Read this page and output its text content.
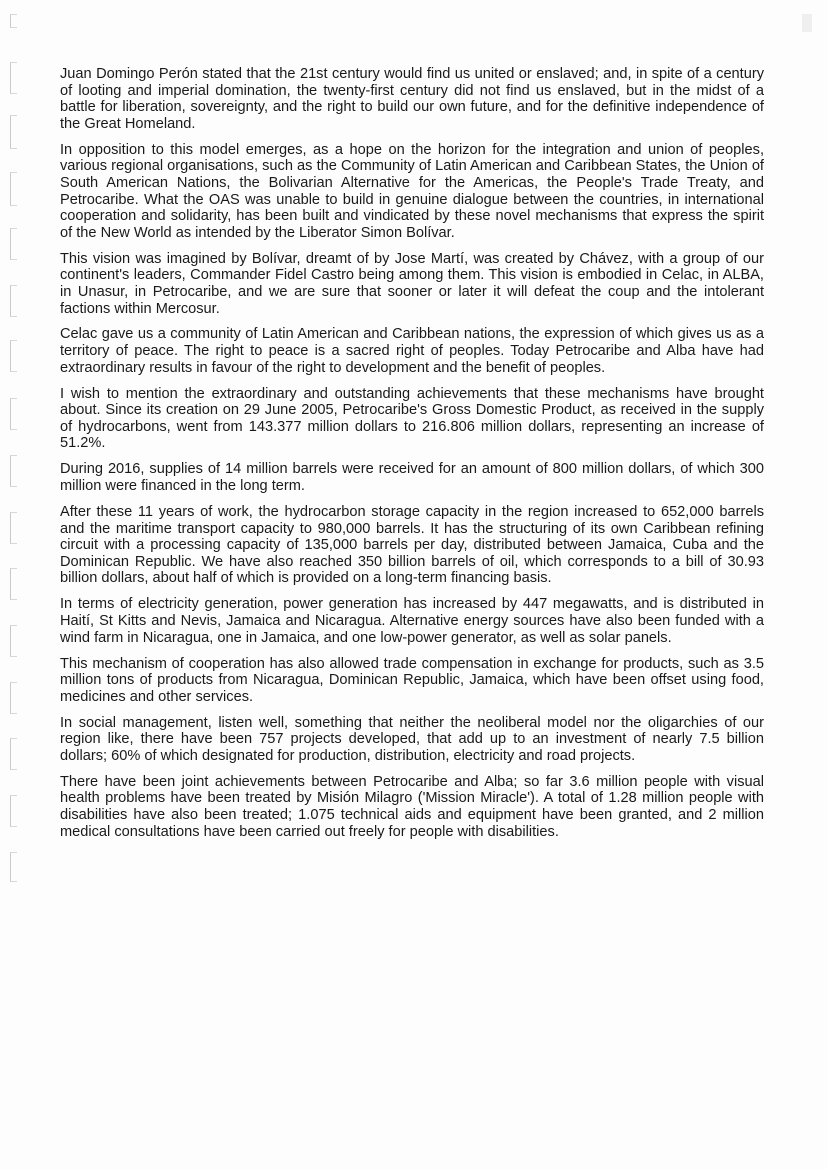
Juan Domingo Perón stated that the 21st century would find us united or enslaved; and, in spite of a century of looting and imperial domination, the twenty-first century did not find us enslaved, but in the midst of a battle for liberation, sovereignty, and the right to build our own future, and for the definitive independence of the Great Homeland.

In opposition to this model emerges, as a hope on the horizon for the integration and union of peoples, various regional organisations, such as the Community of Latin American and Caribbean States, the Union of South American Nations, the Bolivarian Alternative for the Americas, the People's Trade Treaty, and Petrocaribe. What the OAS was unable to build in genuine dialogue between the countries, in international cooperation and solidarity, has been built and vindicated by these novel mechanisms that express the spirit of the New World as intended by the Liberator Simon Bolívar.

This vision was imagined by Bolívar, dreamt of by Jose Martí, was created by Chávez, with a group of our continent's leaders, Commander Fidel Castro being among them. This vision is embodied in Celac, in ALBA, in Unasur, in Petrocaribe, and we are sure that sooner or later it will defeat the coup and the intolerant factions within Mercosur.

Celac gave us a community of Latin American and Caribbean nations, the expression of which gives us as a territory of peace. The right to peace is a sacred right of peoples. Today Petrocaribe and Alba have had extraordinary results in favour of the right to development and the benefit of peoples.

I wish to mention the extraordinary and outstanding achievements that these mechanisms have brought about. Since its creation on 29 June 2005, Petrocaribe's Gross Domestic Product, as received in the supply of hydrocarbons, went from 143.377 million dollars to 216.806 million dollars, representing an increase of 51.2%.

During 2016, supplies of 14 million barrels were received for an amount of 800 million dollars, of which 300 million were financed in the long term.

After these 11 years of work, the hydrocarbon storage capacity in the region increased to 652,000 barrels and the maritime transport capacity to 980,000 barrels. It has the structuring of its own Caribbean refining circuit with a processing capacity of 135,000 barrels per day, distributed between Jamaica, Cuba and the Dominican Republic. We have also reached 350 billion barrels of oil, which corresponds to a bill of 30.93 billion dollars, about half of which is provided on a long-term financing basis.

In terms of electricity generation, power generation has increased by 447 megawatts, and is distributed in Haití, St Kitts and Nevis, Jamaica and Nicaragua. Alternative energy sources have also been funded with a wind farm in Nicaragua, one in Jamaica, and one low-power generator, as well as solar panels.

This mechanism of cooperation has also allowed trade compensation in exchange for products, such as 3.5 million tons of products from Nicaragua, Dominican Republic, Jamaica, which have been offset using food, medicines and other services.

In social management, listen well, something that neither the neoliberal model nor the oligarchies of our region like, there have been 757 projects developed, that add up to an investment of nearly 7.5 billion dollars; 60% of which designated for production, distribution, electricity and road projects.

There have been joint achievements between Petrocaribe and Alba; so far 3.6 million people with visual health problems have been treated by Misión Milagro ('Mission Miracle'). A total of 1.28 million people with disabilities have also been treated; 1.075 technical aids and equipment have been granted, and 2 million medical consultations have been carried out freely for people with disabilities.
